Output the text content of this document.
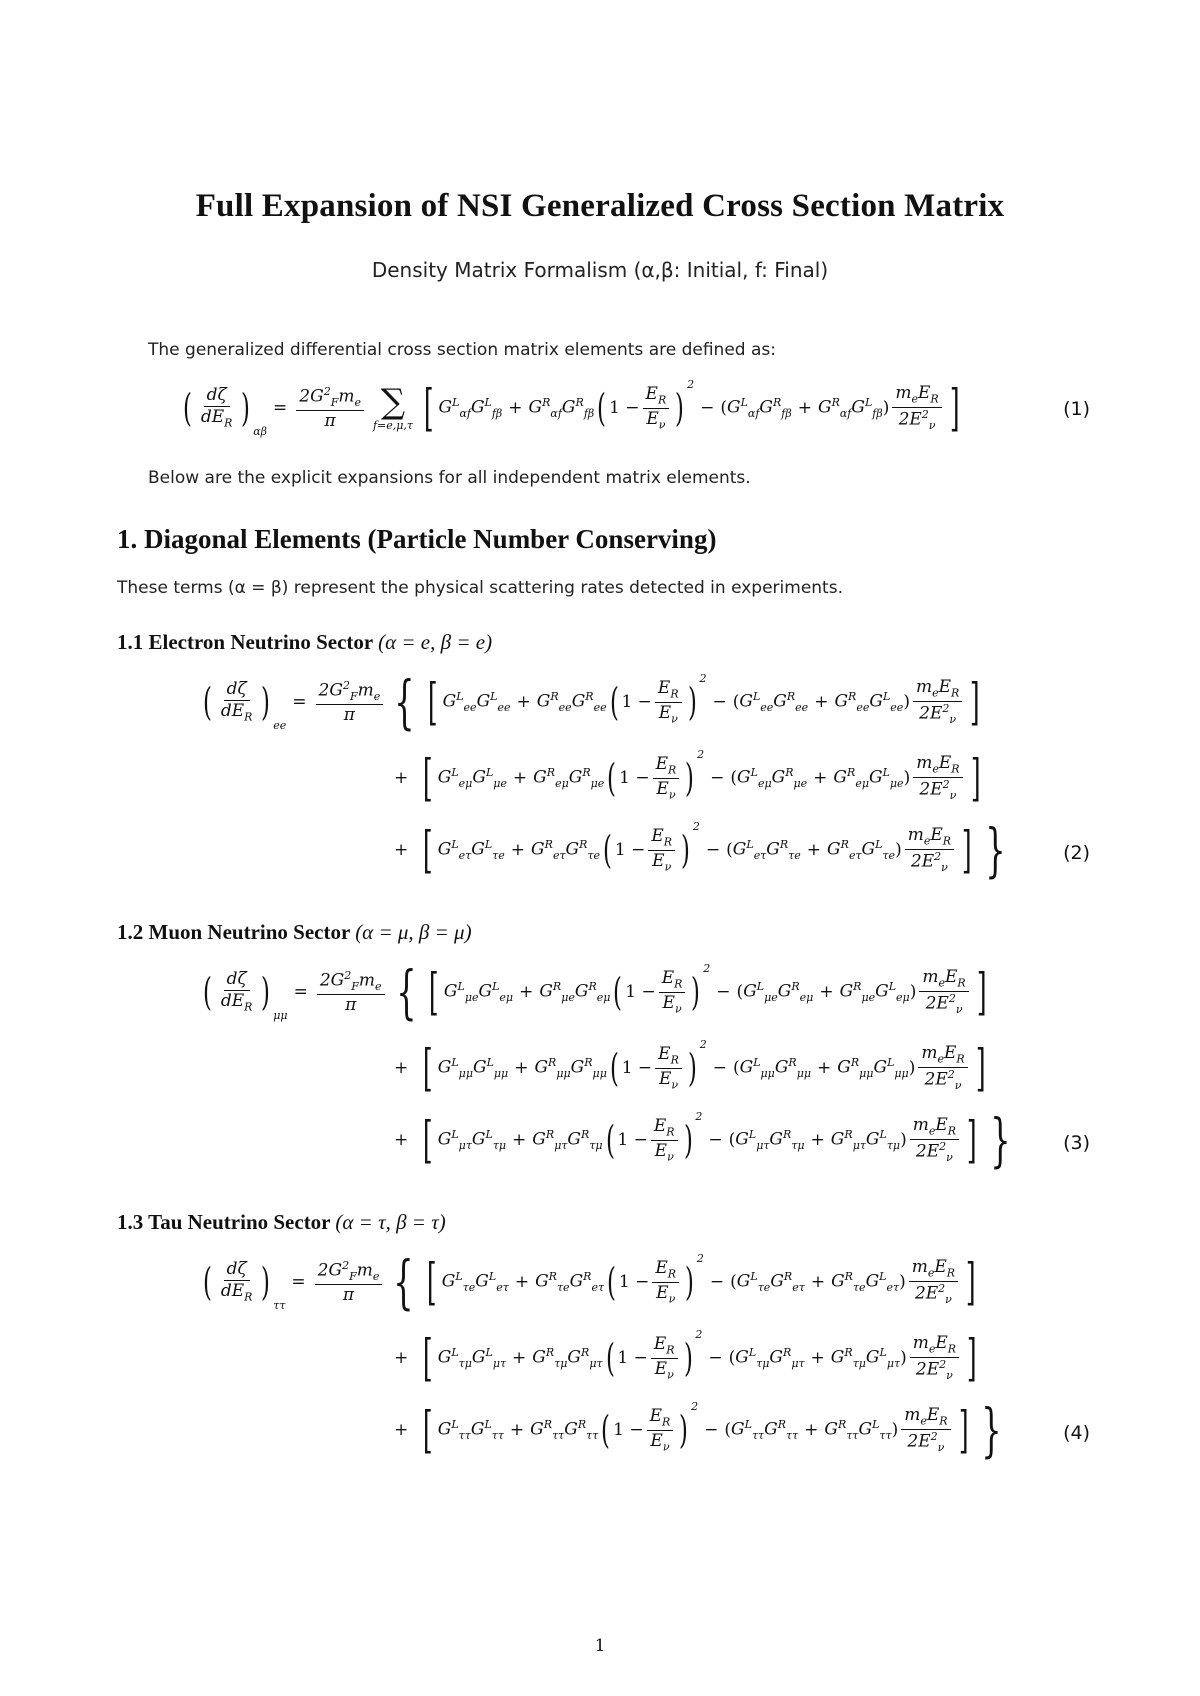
Full Expansion of NSI Generalized Cross Section Matrix
Density Matrix Formalism (α,β: Initial, f: Final)
The generalized differential cross section matrix elements are defined as:
( $\frac{d\zeta}{dE_R}$ )
$_{\alpha\beta}$
= $\frac{2G^2_Fm_e}{\pi}$ ∑
f=e,μ,τ [ $G^L_{\alpha f}G^L_{f\beta} + G^R_{\alpha f}G^R_{f\beta}$ ( $1 - \frac{E_R}{E_\nu}$ )
$^2$
− ( $G^L_{\alpha f}G^R_{f\beta} + G^R_{\alpha f}G^L_{f\beta}$ ) $\frac{m_eE_R}{2E^2_\nu}$ ]	(1)
Below are the explicit expansions for all independent matrix elements.
1. Diagonal Elements (Particle Number Conserving)
These terms (α = β) represent the physical scattering rates detected in experiments.
1.1 Electron Neutrino Sector (α = e, β = e)
(2)
( $\frac{d\zeta}{dE_R}$ )
$_{ee}$
= $\frac{2G^2_Fm_e}{\pi}$ { [ $G^L_{ee}G^L_{ee} + G^R_{ee}G^R_{ee}$ ( $1 - \frac{E_R}{E_\nu}$ )
$^2$
− ( $G^L_{ee}G^R_{ee} + G^R_{ee}G^L_{ee}$ ) $\frac{m_eE_R}{2E^2_\nu}$ ]
+ [ $G^L_{e\mu}G^L_{\mu e} + G^R_{e\mu}G^R_{\mu e}$ ( $1 - \frac{E_R}{E_\nu}$ )
$^2$
− ( $G^L_{e\mu}G^R_{\mu e} + G^R_{e\mu}G^L_{\mu e}$ ) $\frac{m_eE_R}{2E^2_\nu}$ ]
+ [ $G^L_{e\tau}G^L_{\tau e} + G^R_{e\tau}G^R_{\tau e}$ ( $1 - \frac{E_R}{E_\nu}$ )
$^2$
− ( $G^L_{e\tau}G^R_{\tau e} + G^R_{e\tau}G^L_{\tau e}$ ) $\frac{m_eE_R}{2E^2_\nu}$ ] }
1.2 Muon Neutrino Sector (α = μ, β = μ)
(3)
( $\frac{d\zeta}{dE_R}$ )
$_{\mu\mu}$
= $\frac{2G^2_Fm_e}{\pi}$ { [ $G^L_{\mu e}G^L_{e\mu} + G^R_{\mu e}G^R_{e\mu}$ ( $1 - \frac{E_R}{E_\nu}$ )
$^2$
− ( $G^L_{\mu e}G^R_{e\mu} + G^R_{\mu e}G^L_{e\mu}$ ) $\frac{m_eE_R}{2E^2_\nu}$ ]
+ [ $G^L_{\mu\mu}G^L_{\mu\mu} + G^R_{\mu\mu}G^R_{\mu\mu}$ ( $1 - \frac{E_R}{E_\nu}$ )
$^2$
− ( $G^L_{\mu\mu}G^R_{\mu\mu} + G^R_{\mu\mu}G^L_{\mu\mu}$ ) $\frac{m_eE_R}{2E^2_\nu}$ ]
+ [ $G^L_{\mu\tau}G^L_{\tau\mu} + G^R_{\mu\tau}G^R_{\tau\mu}$ ( $1 - \frac{E_R}{E_\nu}$ )
$^2$
− ( $G^L_{\mu\tau}G^R_{\tau\mu} + G^R_{\mu\tau}G^L_{\tau\mu}$ ) $\frac{m_eE_R}{2E^2_\nu}$ ] }
1.3 Tau Neutrino Sector (α = τ, β = τ)
(4)
( $\frac{d\zeta}{dE_R}$ )
$_{\tau\tau}$
= $\frac{2G^2_Fm_e}{\pi}$ { [ $G^L_{\tau e}G^L_{e\tau} + G^R_{\tau e}G^R_{e\tau}$ ( $1 - \frac{E_R}{E_\nu}$ )
$^2$
− ( $G^L_{\tau e}G^R_{e\tau} + G^R_{\tau e}G^L_{e\tau}$ ) $\frac{m_eE_R}{2E^2_\nu}$ ]
+ [ $G^L_{\tau\mu}G^L_{\mu\tau} + G^R_{\tau\mu}G^R_{\mu\tau}$ ( $1 - \frac{E_R}{E_\nu}$ )
$^2$
− ( $G^L_{\tau\mu}G^R_{\mu\tau} + G^R_{\tau\mu}G^L_{\mu\tau}$ ) $\frac{m_eE_R}{2E^2_\nu}$ ]
+ [ $G^L_{\tau\tau}G^L_{\tau\tau} + G^R_{\tau\tau}G^R_{\tau\tau}$ ( $1 - \frac{E_R}{E_\nu}$ )
$^2$
− ( $G^L_{\tau\tau}G^R_{\tau\tau} + G^R_{\tau\tau}G^L_{\tau\tau}$ ) $\frac{m_eE_R}{2E^2_\nu}$ ] }
1
